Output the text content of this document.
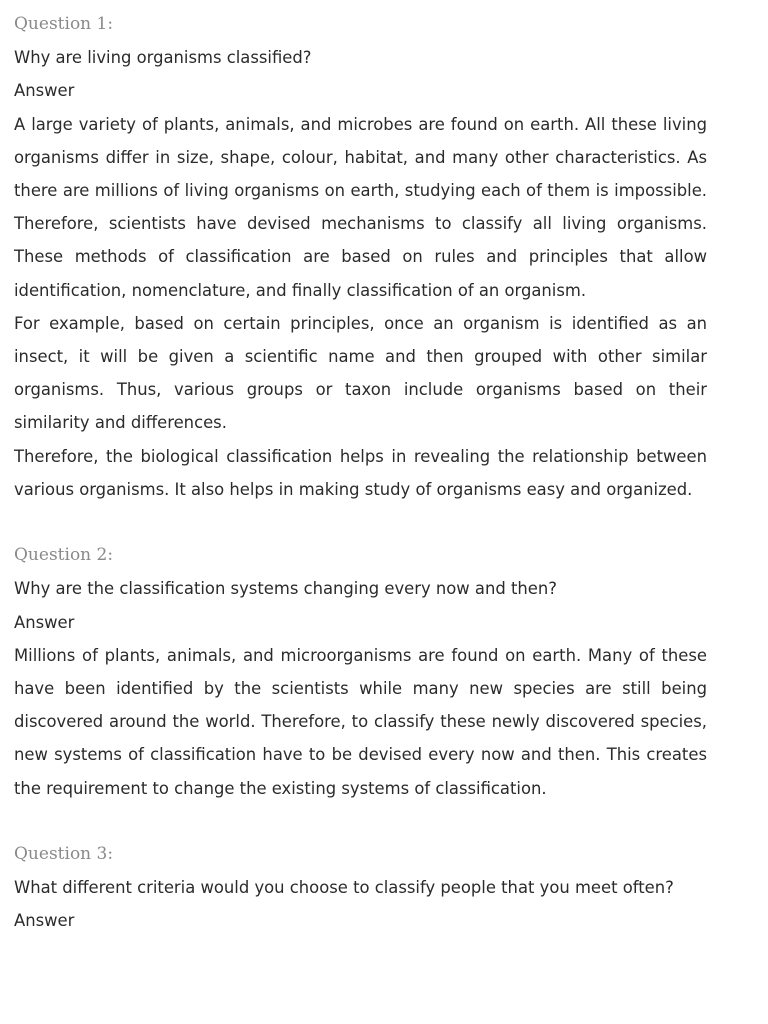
Question 1:
Why are living organisms classified?
Answer

A large variety of plants, animals, and microbes are found on earth. All these living organisms differ in size, shape, colour, habitat, and many other characteristics. As there are millions of living organisms on earth, studying each of them is impossible. Therefore, scientists have devised mechanisms to classify all living organisms. These methods of classification are based on rules and principles that allow identification, nomenclature, and finally classification of an organism.

For example, based on certain principles, once an organism is identified as an insect, it will be given a scientific name and then grouped with other similar organisms. Thus, various groups or taxon include organisms based on their similarity and differences.

Therefore, the biological classification helps in revealing the relationship between various organisms. It also helps in making study of organisms easy and organized.

Question 2:
Why are the classification systems changing every now and then?
Answer

Millions of plants, animals, and microorganisms are found on earth. Many of these have been identified by the scientists while many new species are still being discovered around the world. Therefore, to classify these newly discovered species, new systems of classification have to be devised every now and then. This creates the requirement to change the existing systems of classification.

Question 3:
What different criteria would you choose to classify people that you meet often?
Answer
